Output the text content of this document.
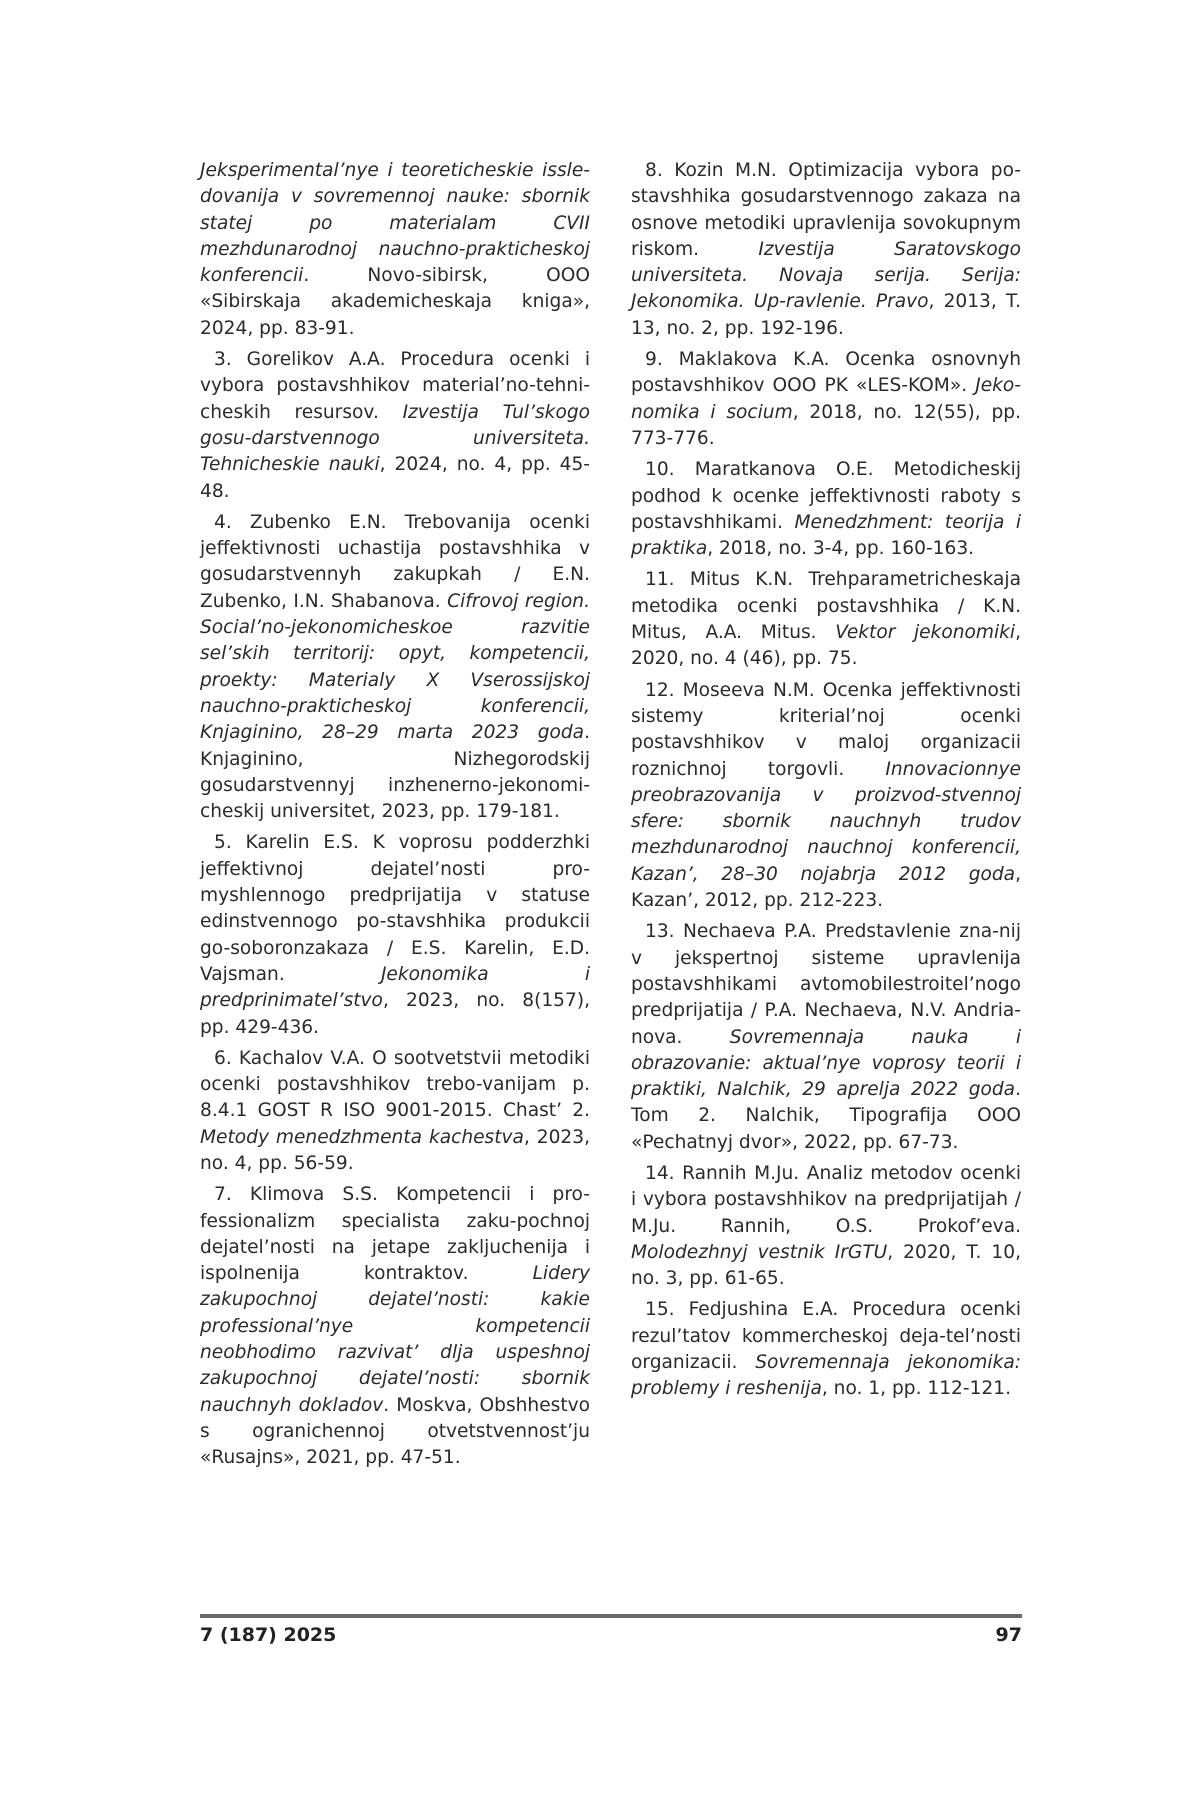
Jeksperimental’nye i teoreticheskie issle-dovanija v sovremennoj nauke: sbornik statej po materialam CVII mezhdunarodnoj nauchno-prakticheskoj konferencii. Novo-sibirsk, OOO «Sibirskaja akademicheskaja kniga», 2024, pp. 83-91.

3. Gorelikov A.A. Procedura ocenki i vybora postavshhikov material’no-tehni-cheskih resursov. Izvestija Tul’skogo gosu-darstvennogo universiteta. Tehnicheskie nauki, 2024, no. 4, pp. 45-48.

4. Zubenko E.N. Trebovanija ocenki jeffektivnosti uchastija postavshhika v gosudarstvennyh zakupkah / E.N. Zubenko, I.N. Shabanova. Cifrovoj region. Social’no-jekonomicheskoe razvitie sel’skih territorij: opyt, kompetencii, proekty: Materialy X Vserossijskoj nauchno-prakticheskoj konferencii, Knjaginino, 28–29 marta 2023 goda. Knjaginino, Nizhegorodskij gosudarstvennyj inzhenerno-jekonomi-cheskij universitet, 2023, pp. 179-181.

5. Karelin E.S. K voprosu podderzhki jeffektivnoj dejatel’nosti pro-myshlennogo predprijatija v statuse edinstvennogo po-stavshhika produkcii go-soboronzakaza / E.S. Karelin, E.D. Vajsman. Jekonomika i predprinimatel’stvo, 2023, no. 8(157), pp. 429-436.

6. Kachalov V.A. O sootvetstvii metodiki ocenki postavshhikov trebo-vanijam p. 8.4.1 GOST R ISO 9001-2015. Chast’ 2. Metody menedzhmenta kachestva, 2023, no. 4, pp. 56-59.

7. Klimova S.S. Kompetencii i pro-fessionalizm specialista zaku-pochnoj dejatel’nosti na jetape zakljuchenija i ispolnenija kontraktov. Lidery zakupochnoj dejatel’nosti: kakie professional’nye kompetencii neobhodimo razvivat’ dlja uspeshnoj zakupochnoj dejatel’nosti: sbornik nauchnyh dokladov. Moskva, Obshhestvo s ogranichennoj otvetstvennost’ju «Rusajns», 2021, pp. 47-51.

8. Kozin M.N. Optimizacija vybora po-stavshhika gosudarstvennogo zakaza na osnove metodiki upravlenija sovokupnym riskom. Izvestija Saratovskogo universiteta. Novaja serija. Serija: Jekonomika. Up-ravlenie. Pravo, 2013, T. 13, no. 2, pp. 192-196.

9. Maklakova K.A. Ocenka osnovnyh postavshhikov OOO PK «LES-KOM». Jeko-nomika i socium, 2018, no. 12(55), pp. 773-776.

10. Maratkanova O.E. Metodicheskij podhod k ocenke jeffektivnosti raboty s postavshhikami. Menedzhment: teorija i praktika, 2018, no. 3-4, pp. 160-163.

11. Mitus K.N. Trehparametricheskaja metodika ocenki postavshhika / K.N. Mitus, A.A. Mitus. Vektor jekonomiki, 2020, no. 4 (46), pp. 75.

12. Moseeva N.M. Ocenka jeffektivnosti sistemy kriterial’noj ocenki postavshhikov v maloj organizacii roznichnoj torgovli. Innovacionnye preobrazovanija v proizvod-stvennoj sfere: sbornik nauchnyh trudov mezhdunarodnoj nauchnoj konferencii, Kazan’, 28–30 nojabrja 2012 goda, Kazan’, 2012, pp. 212-223.

13. Nechaeva P.A. Predstavlenie zna-nij v jekspertnoj sisteme upravlenija postavshhikami avtomobilestroitel’nogo predprijatija / P.A. Nechaeva, N.V. Andria-nova. Sovremennaja nauka i obrazovanie: aktual’nye voprosy teorii i praktiki, Nalchik, 29 aprelja 2022 goda. Tom 2. Nalchik, Tipografija OOO «Pechatnyj dvor», 2022, pp. 67-73.

14. Rannih M.Ju. Analiz metodov ocenki i vybora postavshhikov na predprijatijah / M.Ju. Rannih, O.S. Prokof’eva. Molodezhnyj vestnik IrGTU, 2020, T. 10, no. 3, pp. 61-65.

15. Fedjushina E.A. Procedura ocenki rezul’tatov kommercheskoj deja-tel’nosti organizacii. Sovremennaja jekonomika: problemy i reshenija, no. 1, pp. 112-121.

7 (187) 2025	97
